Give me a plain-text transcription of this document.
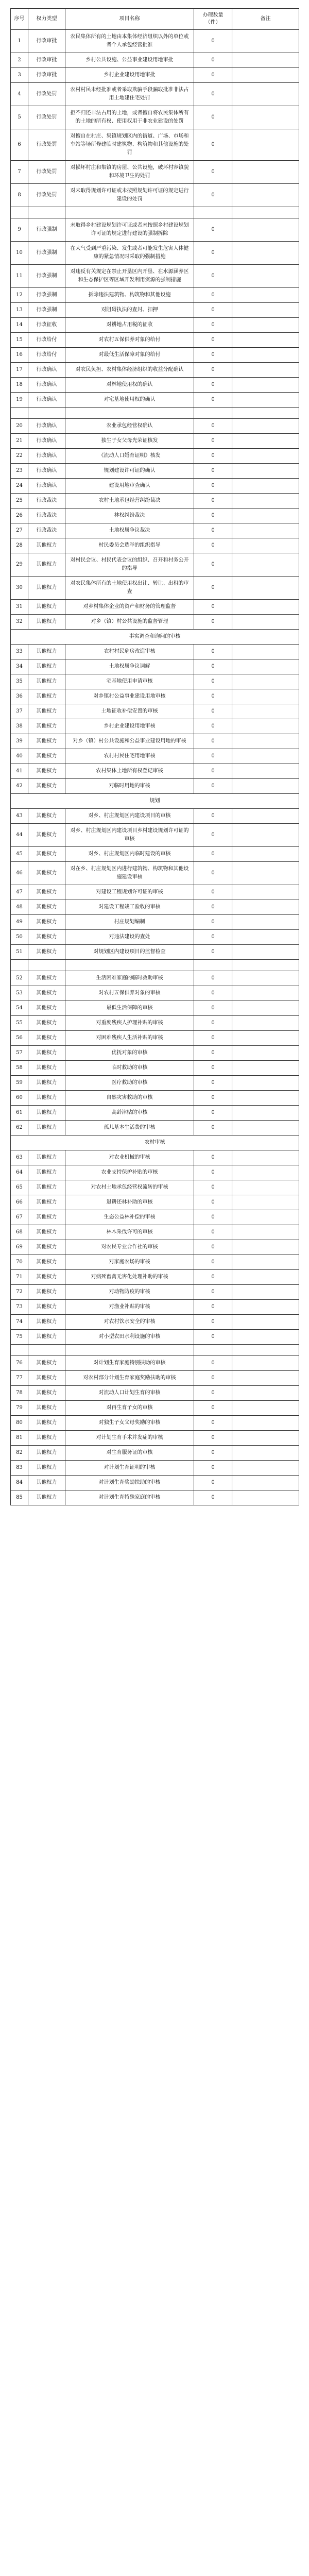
序号	权力类型	项目名称	办理数量（件）	备注
1	行政审批	农民集体所有的土地由本集体经济组织以外的单位或者个人承包经营批准	0	
2	行政审批	乡村公共设施、公益事业建设用地审批	0	
3	行政审批	乡村企业建设用地审批	0	
4	行政处罚	农村村民未经批准或者采取欺骗手段骗取批准非法占用土地建住宅处罚	0	
5	行政处罚	拒不归还非法占用的土地，或者擅自将农民集体所有的土地的所有权、使用权用于非农业建设的处罚	0	
6	行政处罚	对擅自在村庄、集镇规划区内的街道、广场、市场和车站等场所修建临时建筑物、构筑物和其他设施的处罚	0	
7	行政处罚	对损坏村庄和集镇的房屋、公共设施，破坏村容镇貌和环境卫生的处罚	0	
8	行政处罚	对未取得规划许可证或未按照规划许可证的规定进行建设的处罚	0	

9	行政强制	未取得乡村建设规划许可证或者未按照乡村建设规划许可证的规定进行建设的强制拆除	0	
10	行政强制	在大气受到严重污染、发生或者可能发生危害人体健康的紧急情况时采取的强制措施	0	
11	行政强制	对违反有关规定在禁止开垦区内开垦、在水源涵养区和生态保护区等区域开发利用资源的强制措施	0	
12	行政强制	拆除违法建筑物、构筑物和其他设施	0	
13	行政强制	对阻碍执法的查封、扣押	0	
14	行政征收	对耕地占用税的征收	0	
15	行政给付	对农村五保供养对象的给付	0	
16	行政给付	对最低生活保障对象的给付	0	
17	行政确认	对农民负担、农村集体经济组织的收益分配确认	0	
18	行政确认	对林地使用权的确认	0	
19	行政确认	对宅基地使用权的确认	0	

20	行政确认	农业承包经营权确认	0	
21	行政确认	独生子女父母光荣证核发	0	
22	行政确认	《流动人口婚育证明》核发	0	
23	行政确认	规划建设许可证的确认	0	
24	行政确认	建设用地审查确认	0	
25	行政裁决	农村土地承包经营纠纷裁决	0	
26	行政裁决	林权纠纷裁决	0	
27	行政裁决	土地权属争议裁决	0	
28	其他权力	村民委员会选举的组织指导	0	
29	其他权力	对村民会议、村民代表会议的组织、召开和村务公开的指导	0	
30	其他权力	对农民集体所有的土地使用权出让、转让、出租的审查	0	
31	其他权力	对乡村集体企业的资产和财务的管理监督	0	
32	其他权力	对乡（镇）村公共设施的监督管理	0	
事实调查和询问的审核				
33	其他权力	农村村民危房改造审核	0	
34	其他权力	土地权属争议调解	0	
35	其他权力	宅基地使用申请审核	0	
36	其他权力	对乡镇村公益事业建设用地审核	0	
37	其他权力	土地征收补偿安置的审核	0	
38	其他权力	乡村企业建设用地审核	0	
39	其他权力	对乡（镇）村公共设施和公益事业建设用地的审核	0	
40	其他权力	农村村民住宅用地审核	0	
41	其他权力	农村集体土地所有权登记审核	0	
42	其他权力	对临时用地的审核	0	
规划				
43	其他权力	对乡、村庄规划区内建设项目的审核	0	
44	其他权力	对乡、村庄规划区内建设项目乡村建设规划许可证的审核	0	
45	其他权力	对乡、村庄规划区内临时建设的审核	0	
46	其他权力	对在乡、村庄规划区内进行建筑物、构筑物和其他设施建设审核	0	
47	其他权力	对建设工程规划许可证的审核	0	
48	其他权力	对建设工程竣工验收的审核	0	
49	其他权力	村庄规划编制	0	
50	其他权力	对违法建设的查处	0	
51	其他权力	对规划区内建设项目的监督检查	0	

52	其他权力	生活困难家庭的临时救助审核	0	
53	其他权力	对农村五保供养对象的审核	0	
54	其他权力	最低生活保障的审核	0	
55	其他权力	对重度残疾人护理补贴的审核	0	
56	其他权力	对困难残疾人生活补贴的审核	0	
57	其他权力	优抚对象的审核	0	
58	其他权力	临时救助的审核	0	
59	其他权力	医疗救助的审核	0	
60	其他权力	自然灾害救助的审核	0	
61	其他权力	高龄津贴的审核	0	
62	其他权力	孤儿基本生活费的审核	0	
农村审核				
63	其他权力	对农业机械的审核	0	
64	其他权力	农业支持保护补贴的审核	0	
65	其他权力	对农村土地承包经营权流转的审核	0	
66	其他权力	退耕还林补助的审核	0	
67	其他权力	生态公益林补偿的审核	0	
68	其他权力	林木采伐许可的审核	0	
69	其他权力	对农民专业合作社的审核	0	
70	其他权力	对家庭农场的审核	0	
71	其他权力	对病死畜禽无害化处理补助的审核	0	
72	其他权力	对动物防疫的审核	0	
73	其他权力	对渔业补贴的审核	0	
74	其他权力	对农村饮水安全的审核	0	
75	其他权力	对小型农田水利设施的审核	0	

76	其他权力	对计划生育家庭特别扶助的审核	0	
77	其他权力	对农村部分计划生育家庭奖励扶助的审核	0	
78	其他权力	对流动人口计划生育的审核	0	
79	其他权力	对再生育子女的审核	0	
80	其他权力	对独生子女父母奖励的审核	0	
81	其他权力	对计划生育手术并发症的审核	0	
82	其他权力	对生育服务证的审核	0	
83	其他权力	对计划生育证明的审核	0	
84	其他权力	对计划生育奖励扶助的审核	0	
85	其他权力	对计划生育特殊家庭的审核	0	
